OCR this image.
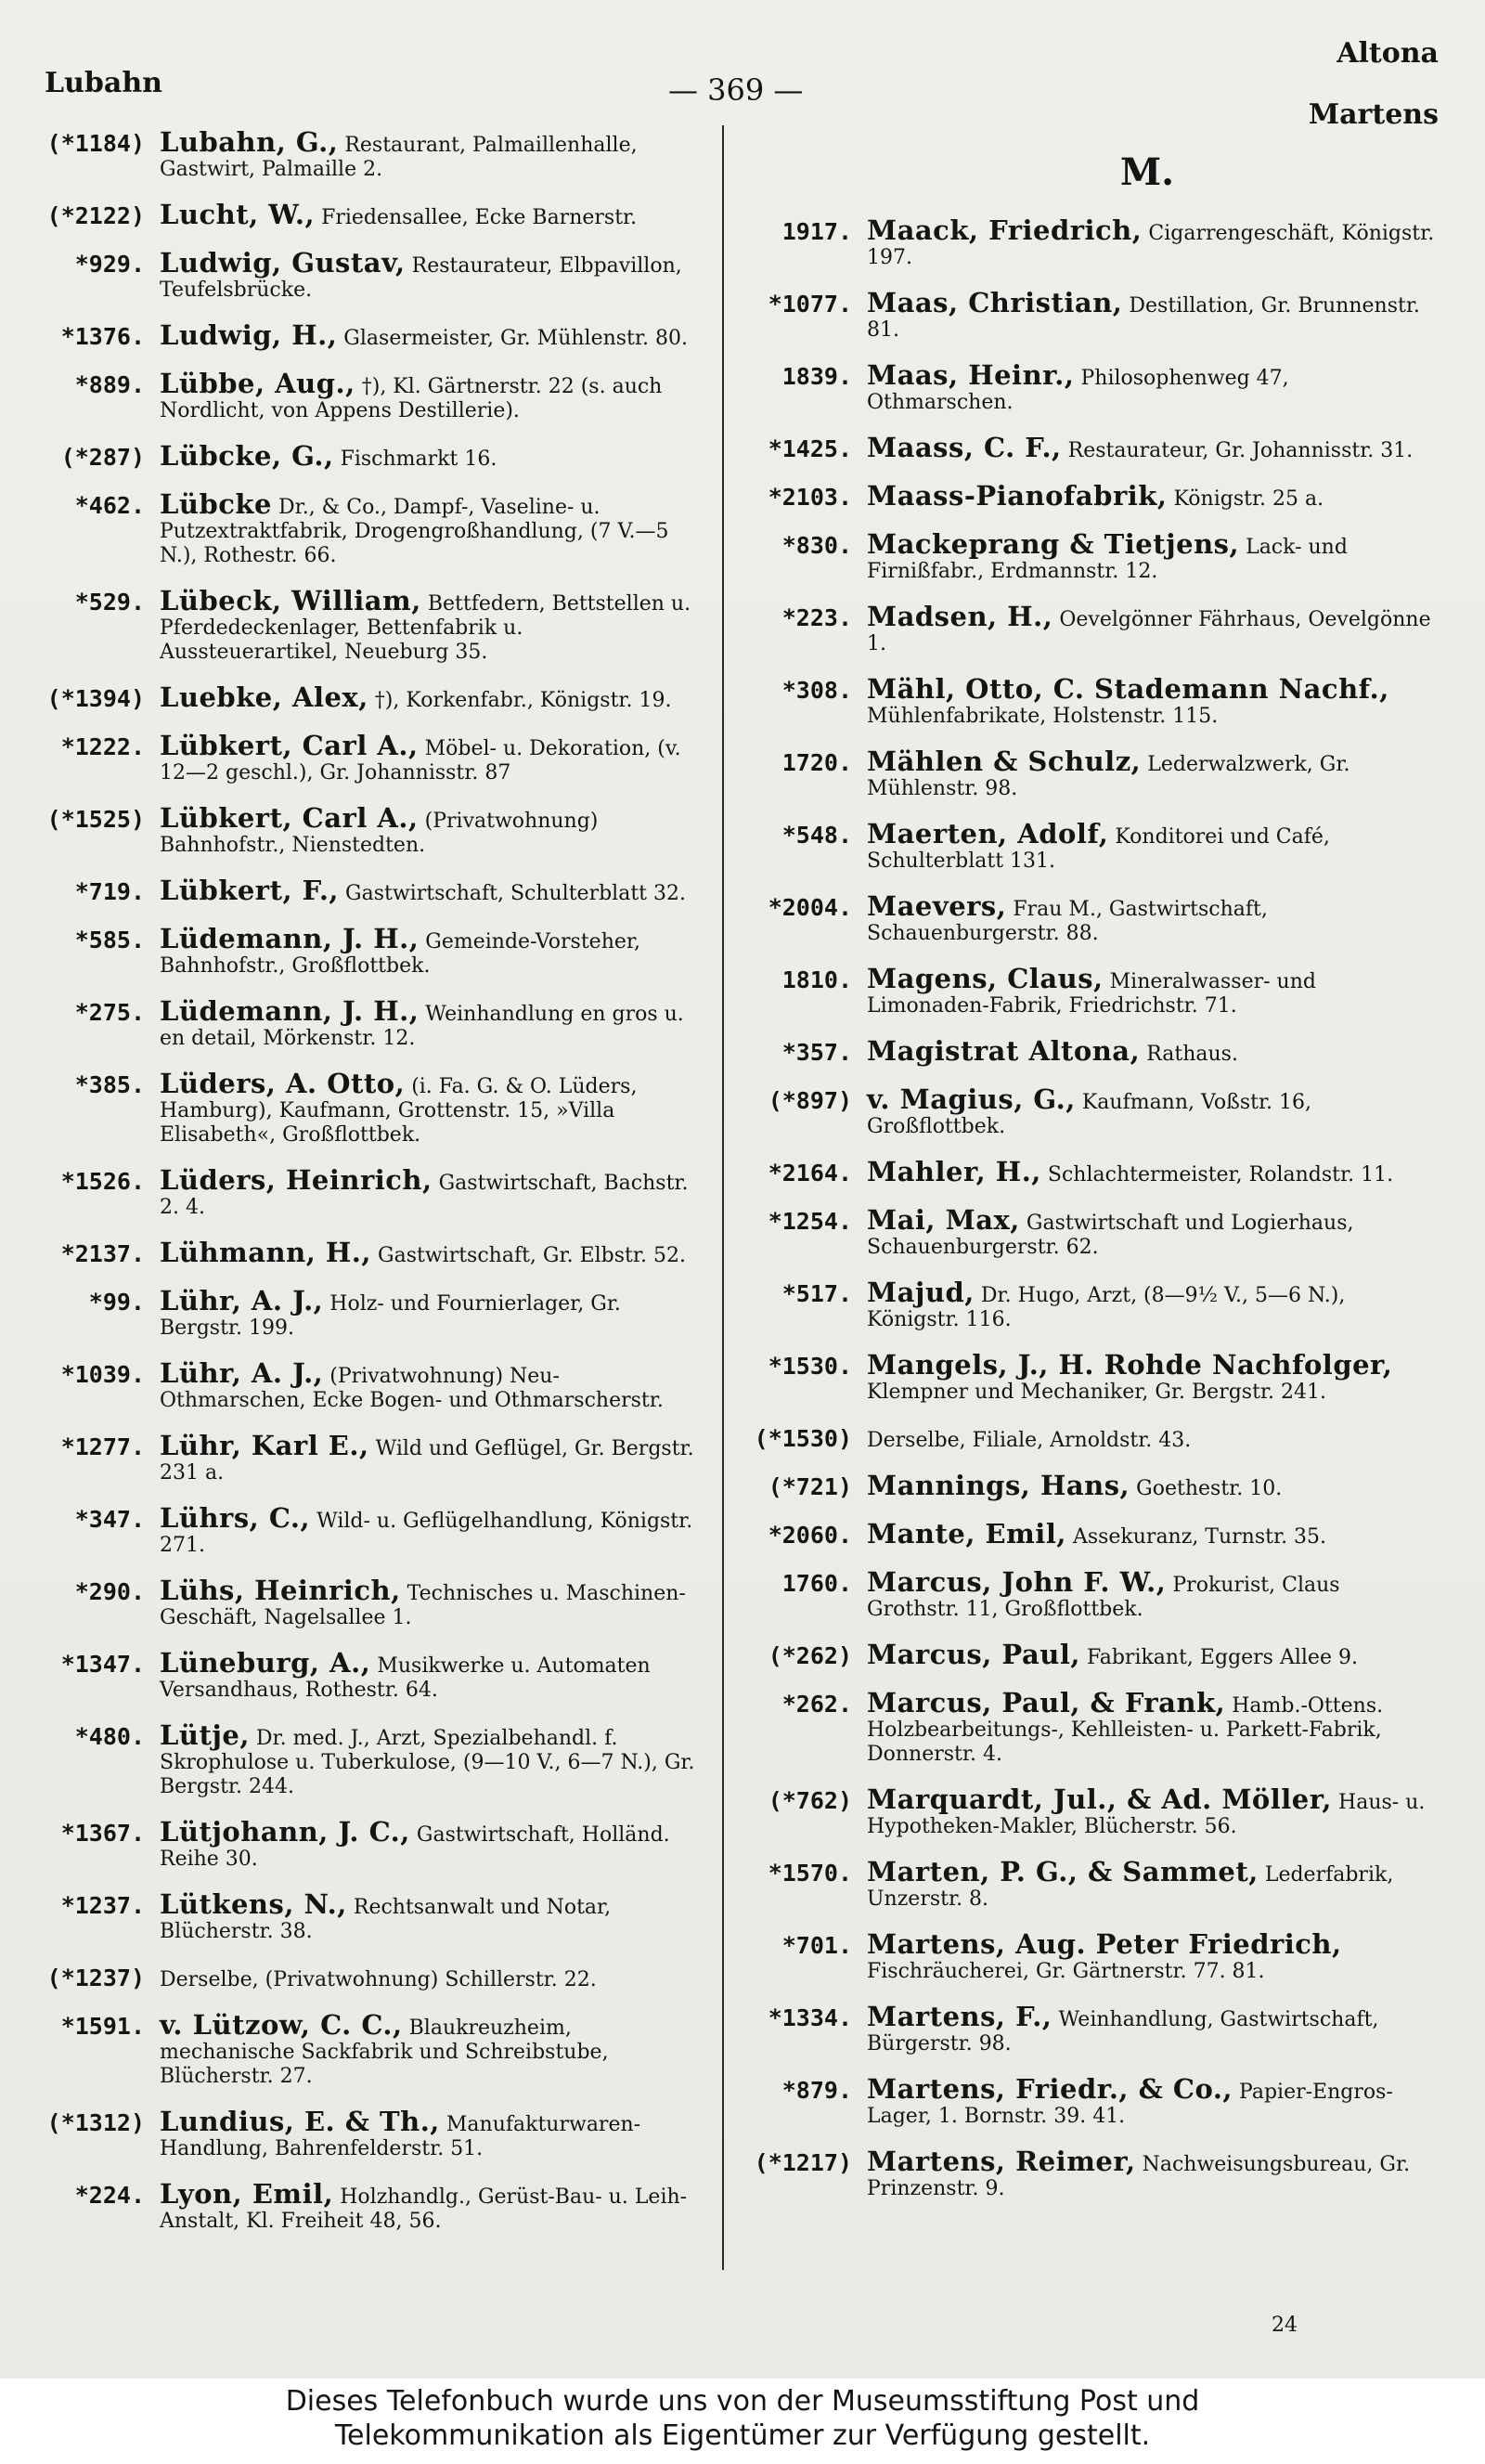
Lubahn	— 369 —
Altona
Martens
(*1184) Lubahn, G., Restaurant, Palmaillenhalle, Gastwirt, Palmaille 2.
(*2122) Lucht, W., Friedensallee, Ecke Barnerstr.
*929. Ludwig, Gustav, Restaurateur, Elbpavillon, Teufelsbrücke.
*1376. Ludwig, H., Glasermeister, Gr. Mühlenstr. 80.
*889. Lübbe, Aug., †), Kl. Gärtnerstr. 22 (s. auch Nordlicht, von Appens Destillerie).
(*287) Lübcke, G., Fischmarkt 16.
*462. Lübcke Dr., & Co., Dampf-, Vaseline- u. Putzextraktfabrik, Drogengroßhandlung, (7 V.—5 N.), Rothestr. 66.
*529. Lübeck, William, Bettfedern, Bettstellen u. Pferdedeckenlager, Bettenfabrik u. Aussteuerartikel, Neueburg 35.
(*1394) Luebke, Alex, †), Korkenfabr., Königstr. 19.
*1222. Lübkert, Carl A., Möbel- u. Dekoration, (v. 12—2 geschl.), Gr. Johannisstr. 87
(*1525) Lübkert, Carl A., (Privatwohnung) Bahnhofstr., Nienstedten.
*719. Lübkert, F., Gastwirtschaft, Schulterblatt 32.
*585. Lüdemann, J. H., Gemeinde-Vorsteher, Bahnhofstr., Großflottbek.
*275. Lüdemann, J. H., Weinhandlung en gros u. en detail, Mörkenstr. 12.
*385. Lüders, A. Otto, (i. Fa. G. & O. Lüders, Hamburg), Kaufmann, Grottenstr. 15, »Villa Elisabeth«, Großflottbek.
*1526. Lüders, Heinrich, Gastwirtschaft, Bachstr. 2. 4.
*2137. Lühmann, H., Gastwirtschaft, Gr. Elbstr. 52.
*99. Lühr, A. J., Holz- und Fournierlager, Gr. Bergstr. 199.
*1039. Lühr, A. J., (Privatwohnung) Neu-Othmarschen, Ecke Bogen- und Othmarscherstr.
*1277. Lühr, Karl E., Wild und Geflügel, Gr. Bergstr. 231 a.
*347. Lührs, C., Wild- u. Geflügelhandlung, Königstr. 271.
*290. Lühs, Heinrich, Technisches u. Maschinen-Geschäft, Nagelsallee 1.
*1347. Lüneburg, A., Musikwerke u. Automaten Versandhaus, Rothestr. 64.
*480. Lütje, Dr. med. J., Arzt, Spezialbehandl. f. Skrophulose u. Tuberkulose, (9—10 V., 6—7 N.), Gr. Bergstr. 244.
*1367. Lütjohann, J. C., Gastwirtschaft, Holländ. Reihe 30.
*1237. Lütkens, N., Rechtsanwalt und Notar, Blücherstr. 38.
(*1237) Derselbe, (Privatwohnung) Schillerstr. 22.
*1591. v. Lützow, C. C., Blaukreuzheim, mechanische Sackfabrik und Schreibstube, Blücherstr. 27.
(*1312) Lundius, E. & Th., Manufakturwaren-Handlung, Bahrenfelderstr. 51.
*224. Lyon, Emil, Holzhandlg., Gerüst-Bau- u. Leih-Anstalt, Kl. Freiheit 48, 56.
M.
1917. Maack, Friedrich, Cigarrengeschäft, Königstr. 197.
*1077. Maas, Christian, Destillation, Gr. Brunnenstr. 81.
1839. Maas, Heinr., Philosophenweg 47, Othmarschen.
*1425. Maass, C. F., Restaurateur, Gr. Johannisstr. 31.
*2103. Maass-Pianofabrik, Königstr. 25 a.
*830. Mackeprang & Tietjens, Lack- und Firnißfabr., Erdmannstr. 12.
*223. Madsen, H., Oevelgönner Fährhaus, Oevelgönne 1.
*308. Mähl, Otto, C. Stademann Nachf., Mühlenfabrikate, Holstenstr. 115.
1720. Mählen & Schulz, Lederwalzwerk, Gr. Mühlenstr. 98.
*548. Maerten, Adolf, Konditorei und Café, Schulterblatt 131.
*2004. Maevers, Frau M., Gastwirtschaft, Schauenburgerstr. 88.
1810. Magens, Claus, Mineralwasser- und Limonaden-Fabrik, Friedrichstr. 71.
*357. Magistrat Altona, Rathaus.
(*897) v. Magius, G., Kaufmann, Voßstr. 16, Großflottbek.
*2164. Mahler, H., Schlachtermeister, Rolandstr. 11.
*1254. Mai, Max, Gastwirtschaft und Logierhaus, Schauenburgerstr. 62.
*517. Majud, Dr. Hugo, Arzt, (8—9½ V., 5—6 N.), Königstr. 116.
*1530. Mangels, J., H. Rohde Nachfolger, Klempner und Mechaniker, Gr. Bergstr. 241.
(*1530) Derselbe, Filiale, Arnoldstr. 43.
(*721) Mannings, Hans, Goethestr. 10.
*2060. Mante, Emil, Assekuranz, Turnstr. 35.
1760. Marcus, John F. W., Prokurist, Claus Grothstr. 11, Großflottbek.
(*262) Marcus, Paul, Fabrikant, Eggers Allee 9.
*262. Marcus, Paul, & Frank, Hamb.-Ottens. Holzbearbeitungs-, Kehlleisten- u. Parkett-Fabrik, Donnerstr. 4.
(*762) Marquardt, Jul., & Ad. Möller, Haus- u. Hypotheken-Makler, Blücherstr. 56.
*1570. Marten, P. G., & Sammet, Lederfabrik, Unzerstr. 8.
*701. Martens, Aug. Peter Friedrich, Fischräucherei, Gr. Gärtnerstr. 77. 81.
*1334. Martens, F., Weinhandlung, Gastwirtschaft, Bürgerstr. 98.
*879. Martens, Friedr., & Co., Papier-Engros-Lager, 1. Bornstr. 39. 41.
(*1217) Martens, Reimer, Nachweisungsbureau, Gr. Prinzenstr. 9.
24
Dieses Telefonbuch wurde uns von der Museumsstiftung Post und
Telekommunikation als Eigentümer zur Verfügung gestellt.
